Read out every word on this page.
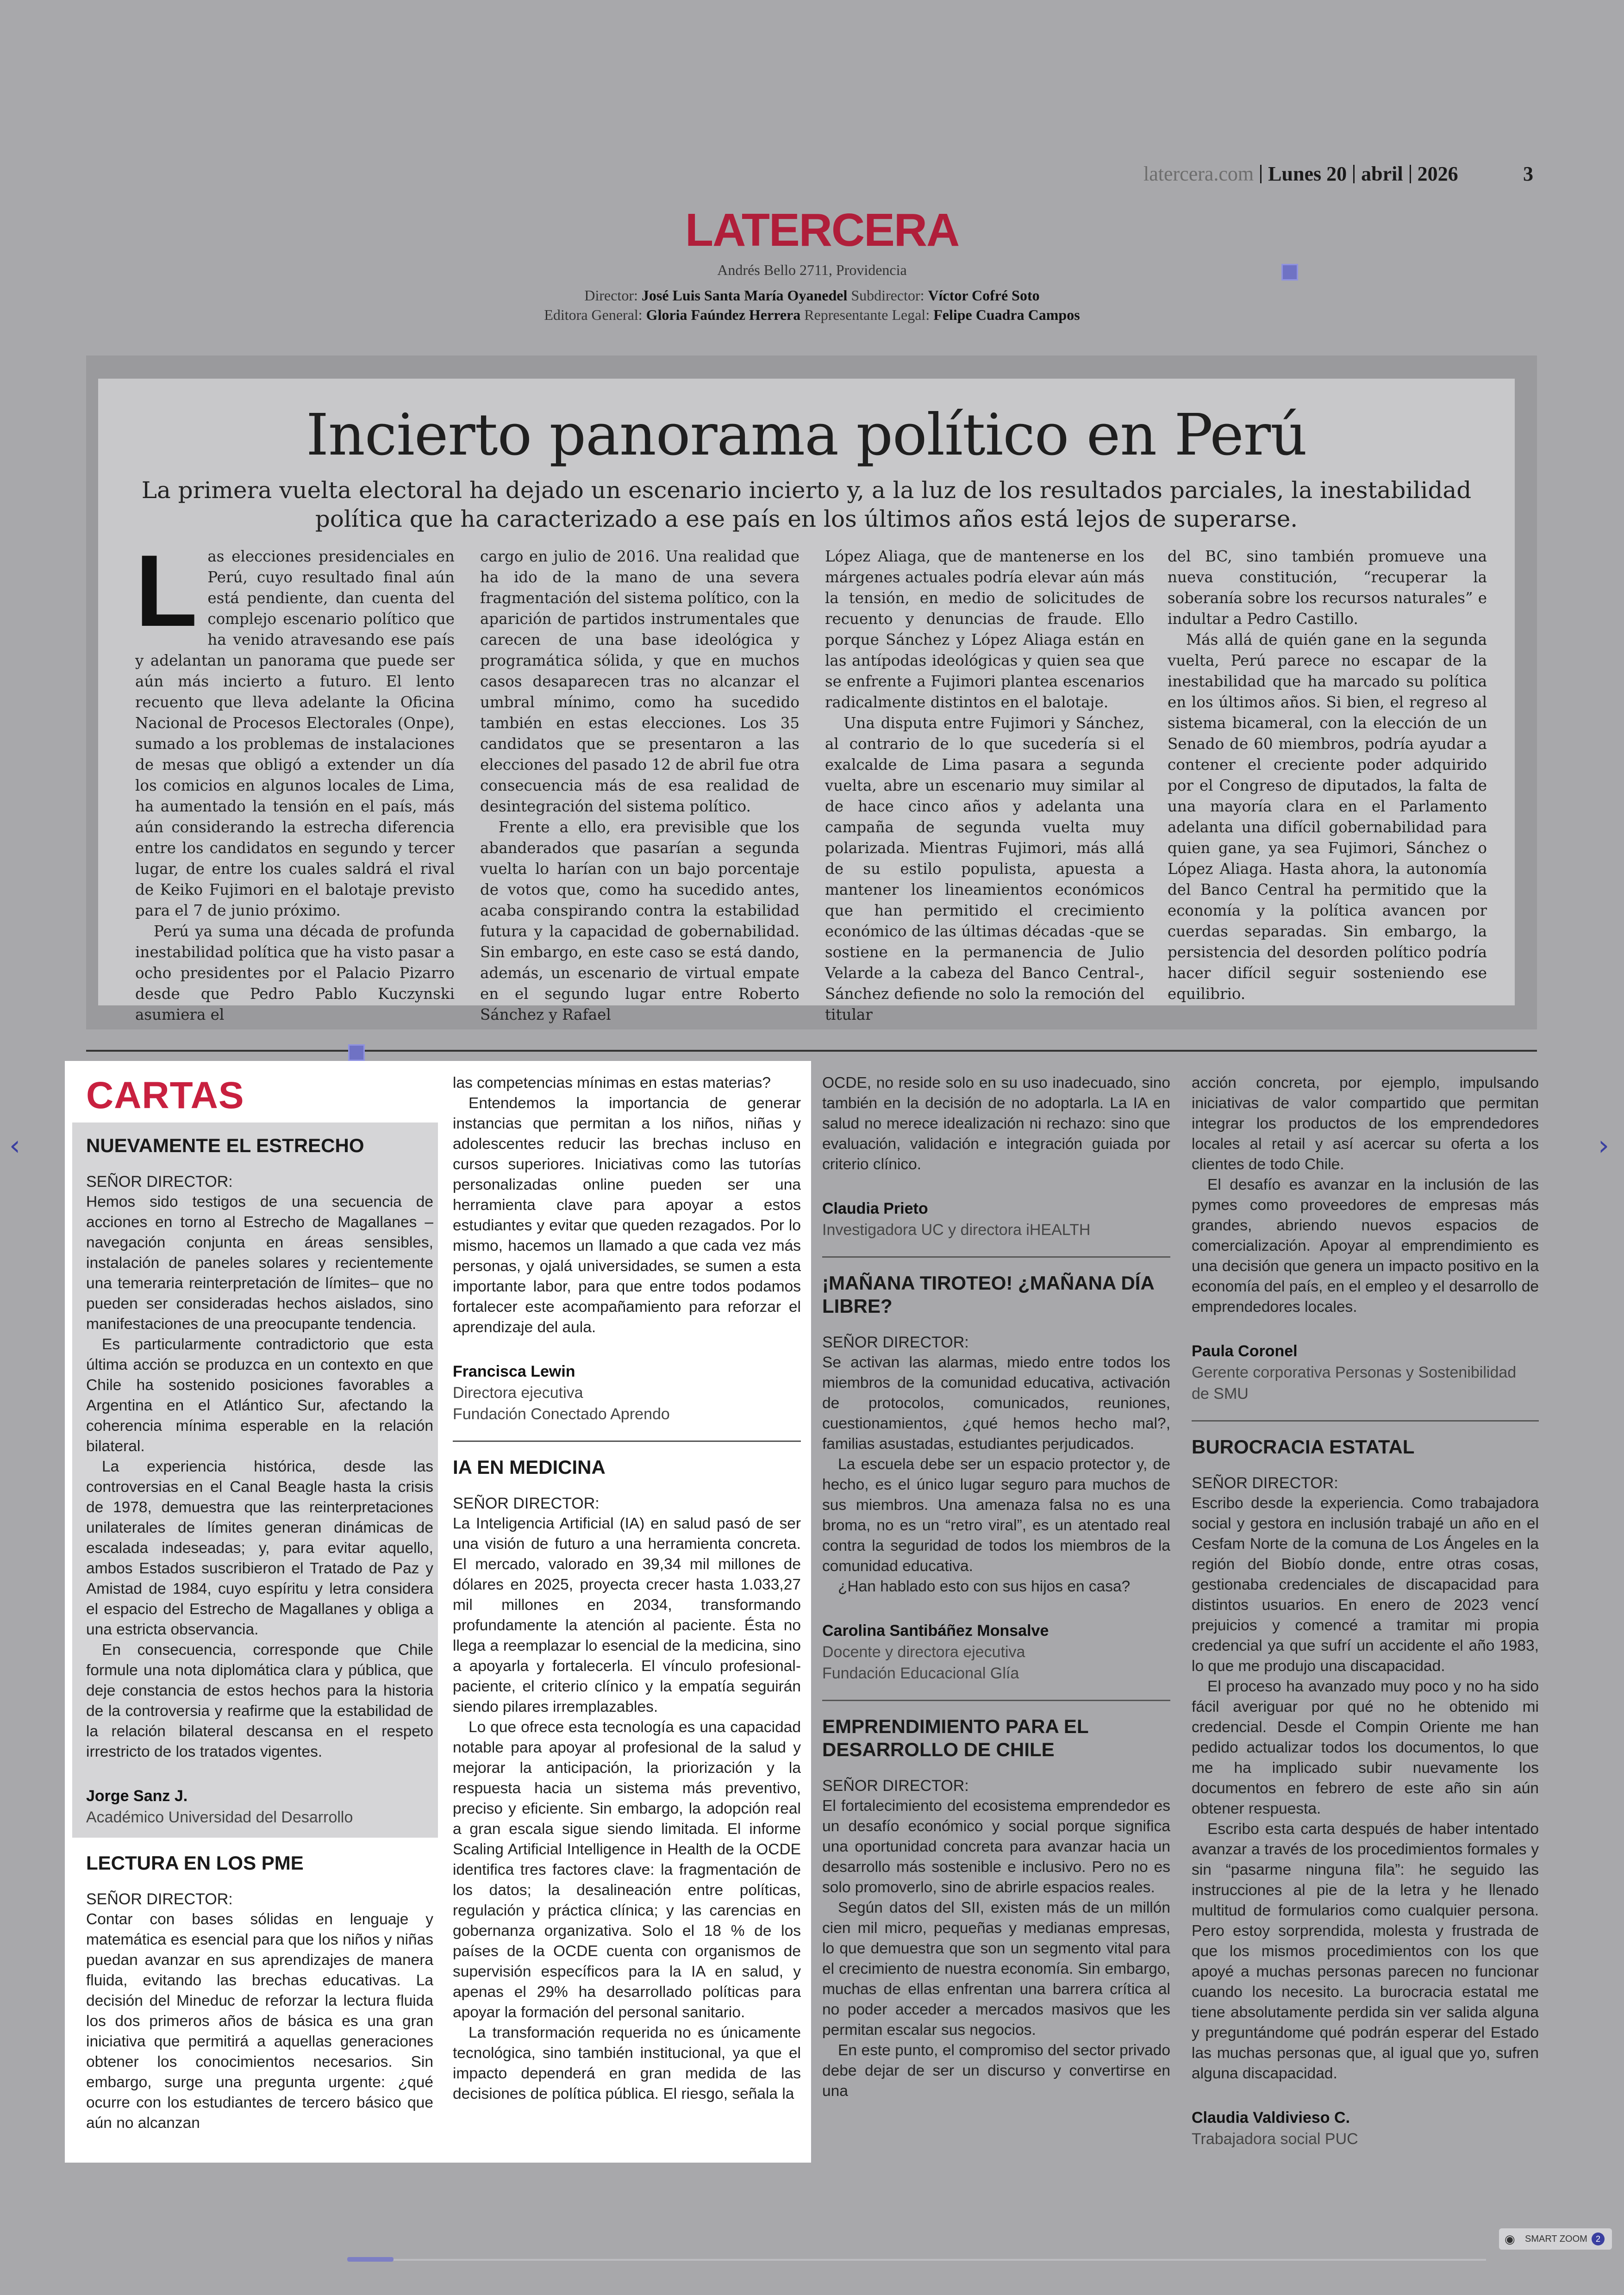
latercera.com Lunes 20 abril 2026	3
LATERCERA
Andrés Bello 2711, Providencia
Director: José Luis Santa María Oyanedel Subdirector: Víctor Cofré Soto
Editora General: Gloria Faúndez Herrera Representante Legal: Felipe Cuadra Campos
Incierto panorama político en Perú
La primera vuelta electoral ha dejado un escenario incierto y, a la luz de los resultados parciales, la inestabilidad política que ha caracterizado a ese país en los últimos años está lejos de superarse.

Las elecciones presidenciales en Perú, cuyo resultado final aún está pendiente, dan cuenta del complejo escenario político que ha venido atravesando ese país y adelantan un panorama que puede ser aún más incierto a futuro. El lento recuento que lleva adelante la Oficina Nacional de Procesos Electorales (Onpe), sumado a los problemas de instalaciones de mesas que obligó a extender un día los comicios en algunos locales de Lima, ha aumentado la tensión en el país, más aún considerando la estrecha diferencia entre los candidatos en segundo y tercer lugar, de entre los cuales saldrá el rival de Keiko Fujimori en el balotaje previsto para el 7 de junio próximo.

Perú ya suma una década de profunda inestabilidad política que ha visto pasar a ocho presidentes por el Palacio Pizarro desde que Pedro Pablo Kuczynski asumiera el

cargo en julio de 2016. Una realidad que ha ido de la mano de una severa fragmentación del sistema político, con la aparición de partidos instrumentales que carecen de una base ideológica y programática sólida, y que en muchos casos desaparecen tras no alcanzar el umbral mínimo, como ha sucedido también en estas elecciones. Los 35 candidatos que se presentaron a las elecciones del pasado 12 de abril fue otra consecuencia más de esa realidad de desintegración del sistema político.

Frente a ello, era previsible que los abanderados que pasarían a segunda vuelta lo harían con un bajo porcentaje de votos que, como ha sucedido antes, acaba conspirando contra la estabilidad futura y la capacidad de gobernabilidad. Sin embargo, en este caso se está dando, además, un escenario de virtual empate en el segundo lugar entre Roberto Sánchez y Rafael

López Aliaga, que de mantenerse en los márgenes actuales podría elevar aún más la tensión, en medio de solicitudes de recuento y denuncias de fraude. Ello porque Sánchez y López Aliaga están en las antípodas ideológicas y quien sea que se enfrente a Fujimori plantea escenarios radicalmente distintos en el balotaje.

Una disputa entre Fujimori y Sánchez, al contrario de lo que sucedería si el exalcalde de Lima pasara a segunda vuelta, abre un escenario muy similar al de hace cinco años y adelanta una campaña de segunda vuelta muy polarizada. Mientras Fujimori, más allá de su estilo populista, apuesta a mantener los lineamientos económicos que han permitido el crecimiento económico de las últimas décadas -que se sostiene en la permanencia de Julio Velarde a la cabeza del Banco Central-, Sánchez defiende no solo la remoción del titular

del BC, sino también promueve una nueva constitución, “recuperar la soberanía sobre los recursos naturales” e indultar a Pedro Castillo.

Más allá de quién gane en la segunda vuelta, Perú parece no escapar de la inestabilidad que ha marcado su política en los últimos años. Si bien, el regreso al sistema bicameral, con la elección de un Senado de 60 miembros, podría ayudar a contener el creciente poder adquirido por el Congreso de diputados, la falta de una mayoría clara en el Parlamento adelanta una difícil gobernabilidad para quien gane, ya sea Fujimori, Sánchez o López Aliaga. Hasta ahora, la autonomía del Banco Central ha permitido que la economía y la política avancen por cuerdas separadas. Sin embargo, la persistencia del desorden político podría hacer difícil seguir sosteniendo ese equilibrio.

CARTAS
NUEVAMENTE EL ESTRECHO
SEÑOR DIRECTOR:

Hemos sido testigos de una secuencia de acciones en torno al Estrecho de Magallanes –navegación conjunta en áreas sensibles, instalación de paneles solares y recientemente una temeraria reinterpretación de límites– que no pueden ser consideradas hechos aislados, sino manifestaciones de una preocupante tendencia.

Es particularmente contradictorio que esta última acción se produzca en un contexto en que Chile ha sostenido posiciones favorables a Argentina en el Atlántico Sur, afectando la coherencia mínima esperable en la relación bilateral.

La experiencia histórica, desde las controversias en el Canal Beagle hasta la crisis de 1978, demuestra que las reinterpretaciones unilaterales de límites generan dinámicas de escalada indeseadas; y, para evitar aquello, ambos Estados suscribieron el Tratado de Paz y Amistad de 1984, cuyo espíritu y letra considera el espacio del Estrecho de Magallanes y obliga a una estricta observancia.

En consecuencia, corresponde que Chile formule una nota diplomática clara y pública, que deje constancia de estos hechos para la historia de la controversia y reafirme que la estabilidad de la relación bilateral descansa en el respeto irrestricto de los tratados vigentes.

Jorge Sanz J.
Académico Universidad del Desarrollo
LECTURA EN LOS PME
SEÑOR DIRECTOR:

Contar con bases sólidas en lenguaje y matemática es esencial para que los niños y niñas puedan avanzar en sus aprendizajes de manera fluida, evitando las brechas educativas. La decisión del Mineduc de reforzar la lectura fluida los dos primeros años de básica es una gran iniciativa que permitirá a aquellas generaciones obtener los conocimientos necesarios. Sin embargo, surge una pregunta urgente: ¿qué ocurre con los estudiantes de tercero básico que aún no alcanzan

las competencias mínimas en estas materias?

Entendemos la importancia de generar instancias que permitan a los niños, niñas y adolescentes reducir las brechas incluso en cursos superiores. Iniciativas como las tutorías personalizadas online pueden ser una herramienta clave para apoyar a estos estudiantes y evitar que queden rezagados. Por lo mismo, hacemos un llamado a que cada vez más personas, y ojalá universidades, se sumen a esta importante labor, para que entre todos podamos fortalecer este acompañamiento para reforzar el aprendizaje del aula.

Francisca Lewin
Directora ejecutiva
Fundación Conectado Aprendo
IA EN MEDICINA
SEÑOR DIRECTOR:

La Inteligencia Artificial (IA) en salud pasó de ser una visión de futuro a una herramienta concreta. El mercado, valorado en 39,34 mil millones de dólares en 2025, proyecta crecer hasta 1.033,27 mil millones en 2034, transformando profundamente la atención al paciente. Ésta no llega a reemplazar lo esencial de la medicina, sino a apoyarla y fortalecerla. El vínculo profesional-paciente, el criterio clínico y la empatía seguirán siendo pilares irremplazables.

Lo que ofrece esta tecnología es una capacidad notable para apoyar al profesional de la salud y mejorar la anticipación, la priorización y la respuesta hacia un sistema más preventivo, preciso y eficiente. Sin embargo, la adopción real a gran escala sigue siendo limitada. El informe Scaling Artificial Intelligence in Health de la OCDE identifica tres factores clave: la fragmentación de los datos; la desalineación entre políticas, regulación y práctica clínica; y las carencias en gobernanza organizativa. Solo el 18 % de los países de la OCDE cuenta con organismos de supervisión específicos para la IA en salud, y apenas el 29% ha desarrollado políticas para apoyar la formación del personal sanitario.

La transformación requerida no es únicamente tecnológica, sino también institucional, ya que el impacto dependerá en gran medida de las decisiones de política pública. El riesgo, señala la

OCDE, no reside solo en su uso inadecuado, sino también en la decisión de no adoptarla. La IA en salud no merece idealización ni rechazo: sino que evaluación, validación e integración guiada por criterio clínico.

Claudia Prieto
Investigadora UC y directora iHEALTH
¡MAÑANA TIROTEO! ¿MAÑANA DÍA LIBRE?
SEÑOR DIRECTOR:

Se activan las alarmas, miedo entre todos los miembros de la comunidad educativa, activación de protocolos, comunicados, reuniones, cuestionamientos, ¿qué hemos hecho mal?, familias asustadas, estudiantes perjudicados.

La escuela debe ser un espacio protector y, de hecho, es el único lugar seguro para muchos de sus miembros. Una amenaza falsa no es una broma, no es un “retro viral”, es un atentado real contra la seguridad de todos los miembros de la comunidad educativa.

¿Han hablado esto con sus hijos en casa?

Carolina Santibáñez Monsalve
Docente y directora ejecutiva
Fundación Educacional Glía
EMPRENDIMIENTO PARA EL DESARROLLO DE CHILE
SEÑOR DIRECTOR:

El fortalecimiento del ecosistema emprendedor es un desafío económico y social porque significa una oportunidad concreta para avanzar hacia un desarrollo más sostenible e inclusivo. Pero no es solo promoverlo, sino de abrirle espacios reales.

Según datos del SII, existen más de un millón cien mil micro, pequeñas y medianas empresas, lo que demuestra que son un segmento vital para el crecimiento de nuestra economía. Sin embargo, muchas de ellas enfrentan una barrera crítica al no poder acceder a mercados masivos que les permitan escalar sus negocios.

En este punto, el compromiso del sector privado debe dejar de ser un discurso y convertirse en una

acción concreta, por ejemplo, impulsando iniciativas de valor compartido que permitan integrar los productos de los emprendedores locales al retail y así acercar su oferta a los clientes de todo Chile.

El desafío es avanzar en la inclusión de las pymes como proveedores de empresas más grandes, abriendo nuevos espacios de comercialización. Apoyar al emprendimiento es una decisión que genera un impacto positivo en la economía del país, en el empleo y el desarrollo de emprendedores locales.

Paula Coronel
Gerente corporativa Personas y Sostenibilidad
de SMU
BUROCRACIA ESTATAL
SEÑOR DIRECTOR:

Escribo desde la experiencia. Como trabajadora social y gestora en inclusión trabajé un año en el Cesfam Norte de la comuna de Los Ángeles en la región del Biobío donde, entre otras cosas, gestionaba credenciales de discapacidad para distintos usuarios. En enero de 2023 vencí prejuicios y comencé a tramitar mi propia credencial ya que sufrí un accidente el año 1983, lo que me produjo una discapacidad.

El proceso ha avanzado muy poco y no ha sido fácil averiguar por qué no he obtenido mi credencial. Desde el Compin Oriente me han pedido actualizar todos los documentos, lo que me ha implicado subir nuevamente los documentos en febrero de este año sin aún obtener respuesta.

Escribo esta carta después de haber intentado avanzar a través de los procedimientos formales y sin “pasarme ninguna fila”: he seguido las instrucciones al pie de la letra y he llenado multitud de formularios como cualquier persona. Pero estoy sorprendida, molesta y frustrada de que los mismos procedimientos con los que apoyé a muchas personas parecen no funcionar cuando los necesito. La burocracia estatal me tiene absolutamente perdida sin ver salida alguna y preguntándome qué podrán esperar del Estado las muchas personas que, al igual que yo, sufren alguna discapacidad.

Claudia Valdivieso C.
Trabajadora social PUC
‹	›
◉ SMART ZOOM	2
